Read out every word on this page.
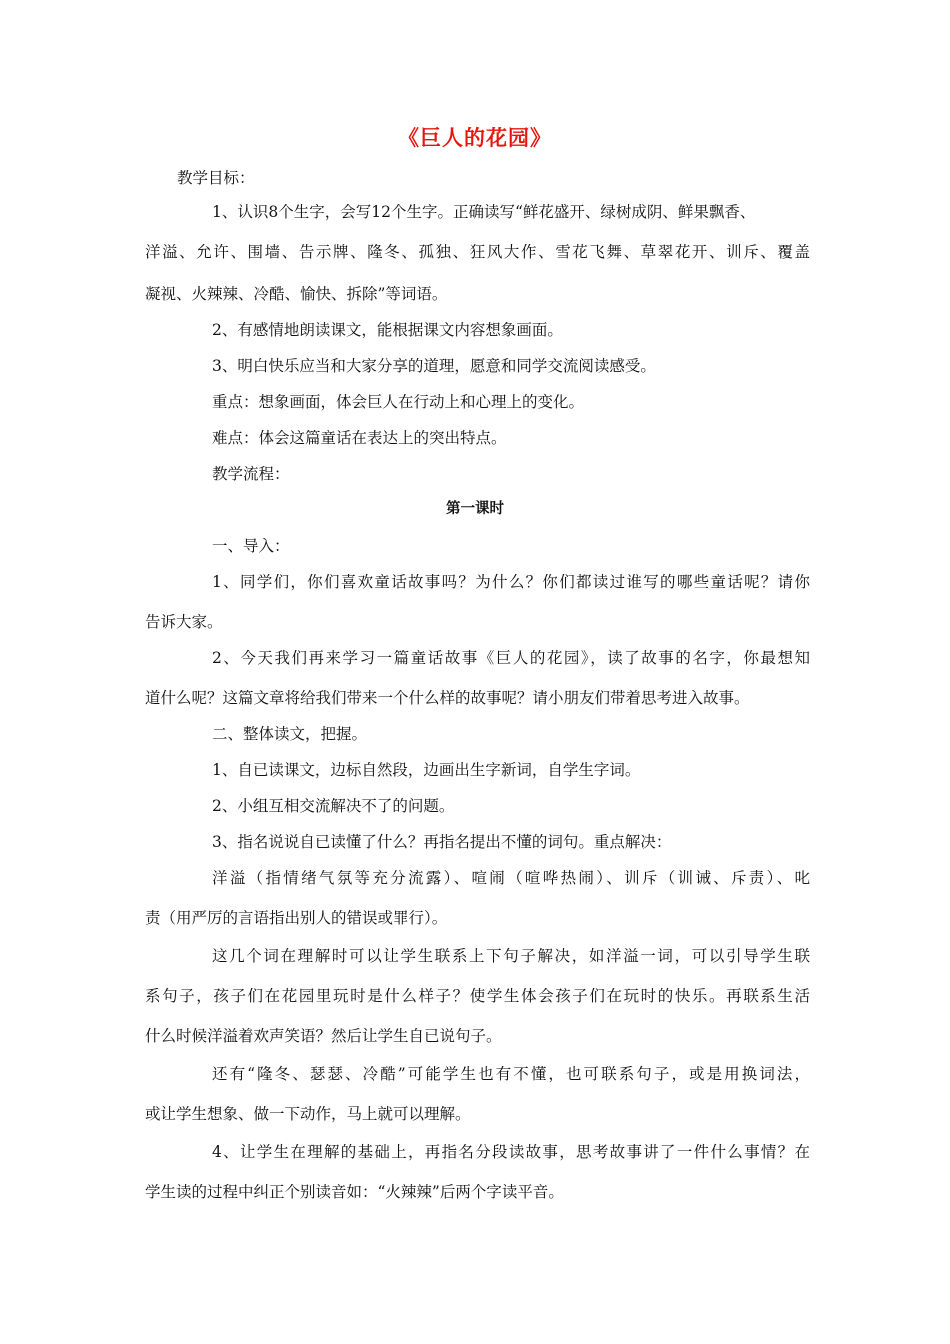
《巨人的花园》
教学目标：
1、认识8个生字，会写12个生字。正确读写“鲜花盛开、绿树成阴、鲜果飘香、
洋溢、允许、围墙、告示牌、隆冬、孤独、狂风大作、雪花飞舞、草翠花开、训斥、覆盖
凝视、火辣辣、冷酷、愉快、拆除”等词语。
2、有感情地朗读课文，能根据课文内容想象画面。
3、明白快乐应当和大家分享的道理，愿意和同学交流阅读感受。
重点：想象画面，体会巨人在行动上和心理上的变化。
难点：体会这篇童话在表达上的突出特点。
教学流程：
第一课时
一、导入：
1、同学们，你们喜欢童话故事吗？为什么？你们都读过谁写的哪些童话呢？请你
告诉大家。
2、今天我们再来学习一篇童话故事《巨人的花园》，读了故事的名字，你最想知
道什么呢？这篇文章将给我们带来一个什么样的故事呢？请小朋友们带着思考进入故事。
二、整体读文，把握。
1、自已读课文，边标自然段，边画出生字新词，自学生字词。
2、小组互相交流解决不了的问题。
3、指名说说自已读懂了什么？再指名提出不懂的词句。重点解决：
洋溢（指情绪气氛等充分流露）、喧闹（喧哗热闹）、训斥（训诫、斥责）、叱
责（用严厉的言语指出别人的错误或罪行）。
这几个词在理解时可以让学生联系上下句子解决，如洋溢一词，可以引导学生联
系句子，孩子们在花园里玩时是什么样子？使学生体会孩子们在玩时的快乐。再联系生活
什么时候洋溢着欢声笑语？然后让学生自已说句子。
还有“隆冬、瑟瑟、冷酷”可能学生也有不懂，也可联系句子，或是用换词法，
或让学生想象、做一下动作，马上就可以理解。
4、让学生在理解的基础上，再指名分段读故事，思考故事讲了一件什么事情？在
学生读的过程中纠正个别读音如：“火辣辣”后两个字读平音。
